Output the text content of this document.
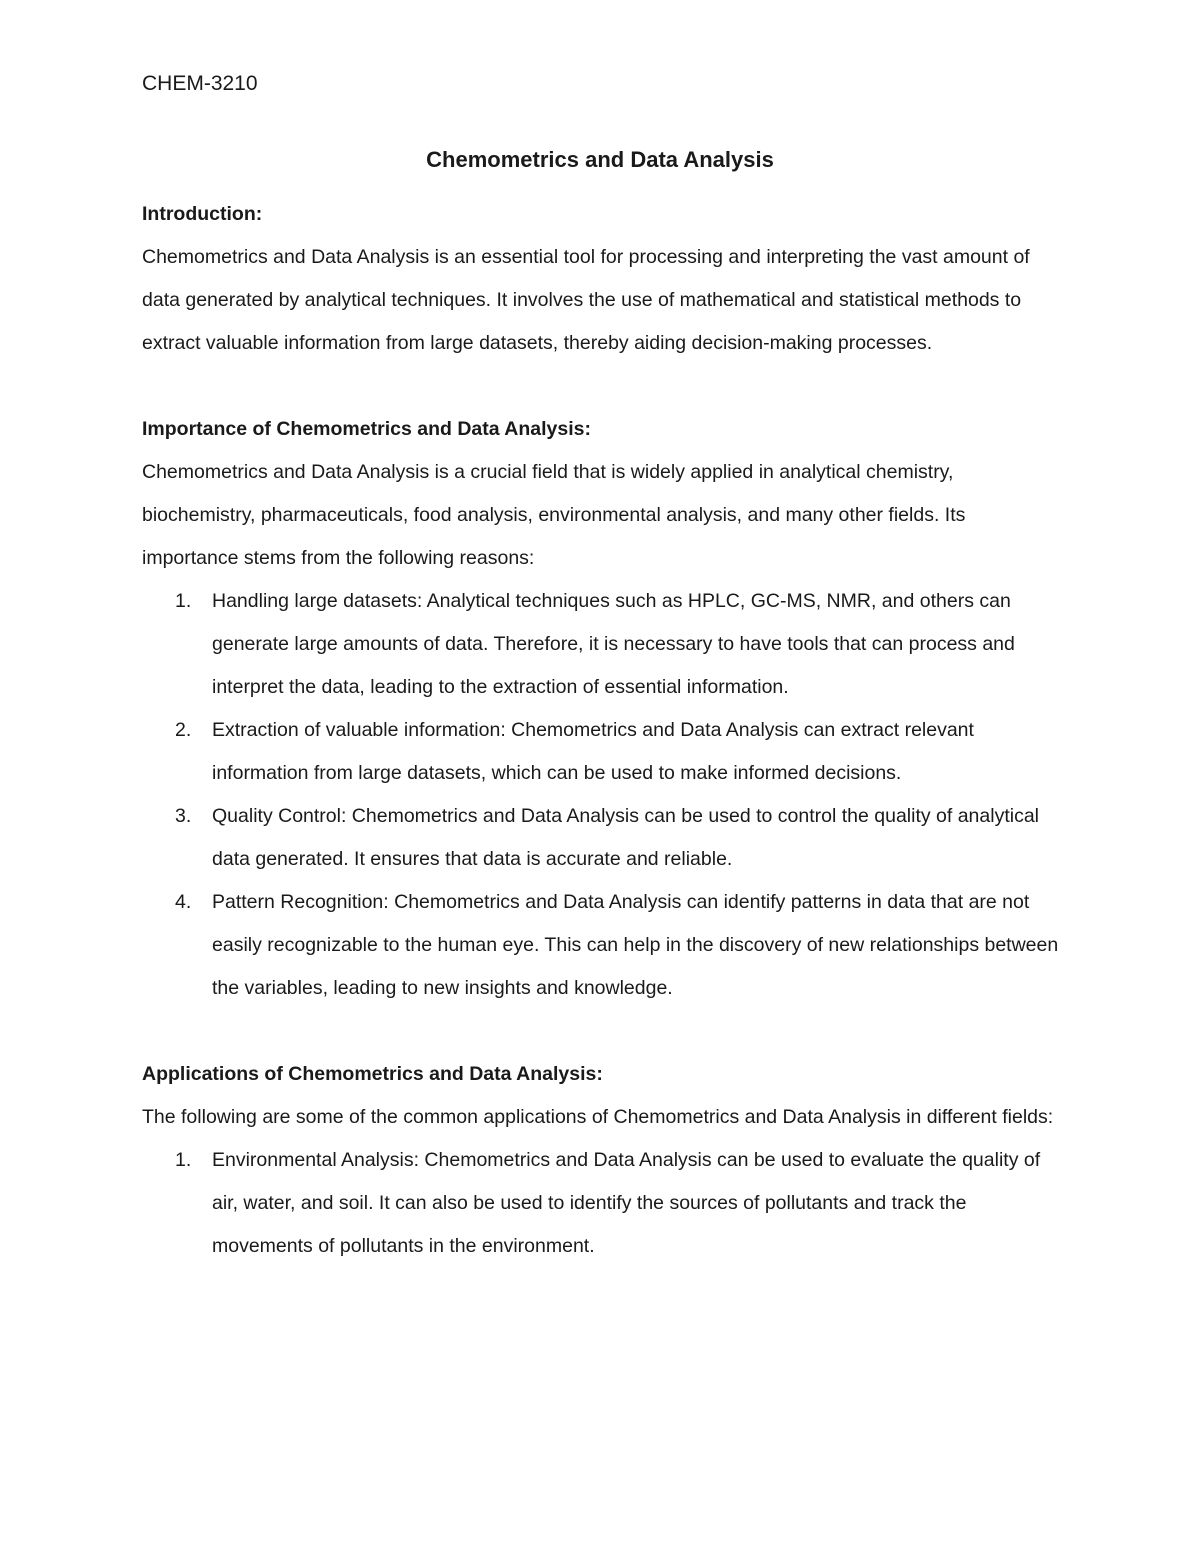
CHEM-3210
Chemometrics and Data Analysis
Introduction:

Chemometrics and Data Analysis is an essential tool for processing and interpreting the vast amount of data generated by analytical techniques. It involves the use of mathematical and statistical methods to extract valuable information from large datasets, thereby aiding decision-making processes.

Importance of Chemometrics and Data Analysis:

Chemometrics and Data Analysis is a crucial field that is widely applied in analytical chemistry, biochemistry, pharmaceuticals, food analysis, environmental analysis, and many other fields. Its importance stems from the following reasons:

1. Handling large datasets: Analytical techniques such as HPLC, GC-MS, NMR, and others can generate large amounts of data. Therefore, it is necessary to have tools that can process and interpret the data, leading to the extraction of essential information.
2. Extraction of valuable information: Chemometrics and Data Analysis can extract relevant information from large datasets, which can be used to make informed decisions.
3. Quality Control: Chemometrics and Data Analysis can be used to control the quality of analytical data generated. It ensures that data is accurate and reliable.
4. Pattern Recognition: Chemometrics and Data Analysis can identify patterns in data that are not easily recognizable to the human eye. This can help in the discovery of new relationships between the variables, leading to new insights and knowledge.
Applications of Chemometrics and Data Analysis:

The following are some of the common applications of Chemometrics and Data Analysis in different fields:

1. Environmental Analysis: Chemometrics and Data Analysis can be used to evaluate the quality of air, water, and soil. It can also be used to identify the sources of pollutants and track the movements of pollutants in the environment.
